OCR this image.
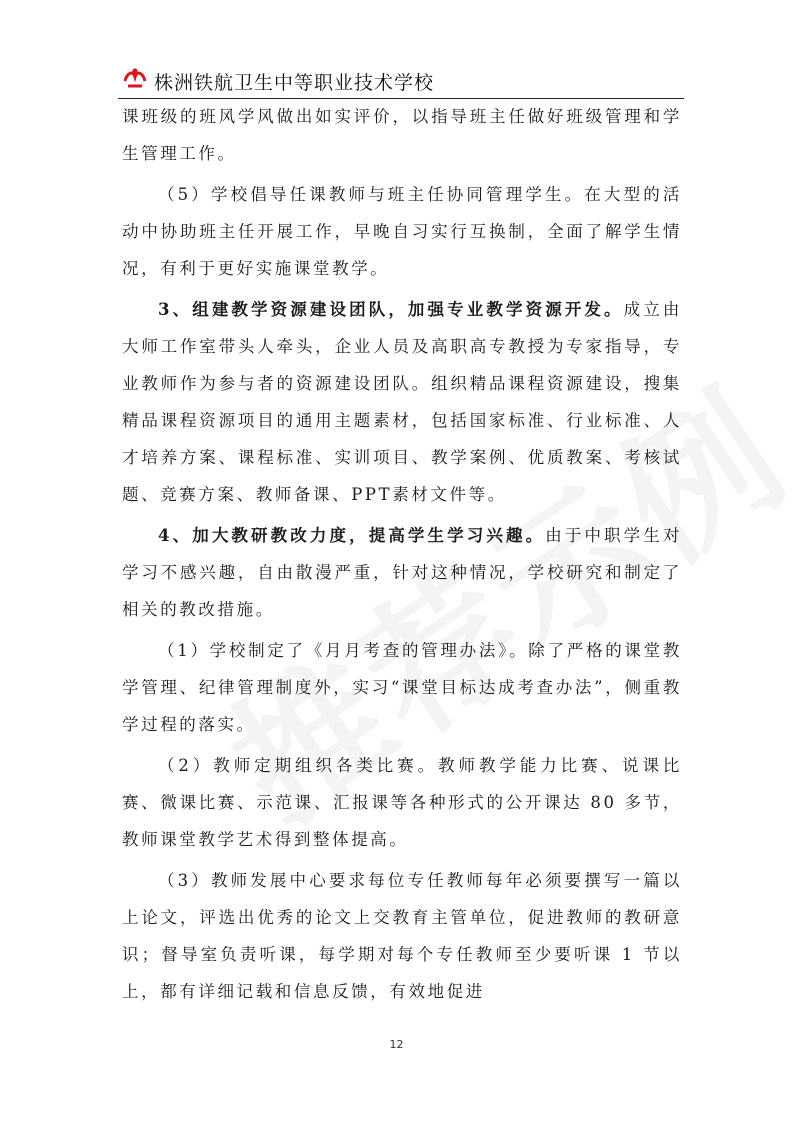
株洲铁航卫生中等职业技术学校

课班级的班风学风做出如实评价，以指导班主任做好班级管理和学生管理工作。

（5）学校倡导任课教师与班主任协同管理学生。在大型的活动中协助班主任开展工作，早晚自习实行互换制，全面了解学生情况，有利于更好实施课堂教学。

3、组建教学资源建设团队，加强专业教学资源开发。成立由大师工作室带头人牵头，企业人员及高职高专教授为专家指导，专业教师作为参与者的资源建设团队。组织精品课程资源建设，搜集精品课程资源项目的通用主题素材，包括国家标准、行业标准、人才培养方案、课程标准、实训项目、教学案例、优质教案、考核试题、竞赛方案、教师备课、PPT素材文件等。

4、加大教研教改力度，提高学生学习兴趣。由于中职学生对学习不感兴趣，自由散漫严重，针对这种情况，学校研究和制定了相关的教改措施。

（1）学校制定了《月月考查的管理办法》。除了严格的课堂教学管理、纪律管理制度外，实习“课堂目标达成考查办法”，侧重教学过程的落实。

（2）教师定期组织各类比赛。教师教学能力比赛、说课比赛、微课比赛、示范课、汇报课等各种形式的公开课达 80 多节，教师课堂教学艺术得到整体提高。

（3）教师发展中心要求每位专任教师每年必须要撰写一篇以上论文，评选出优秀的论文上交教育主管单位，促进教师的教研意识；督导室负责听课，每学期对每个专任教师至少要听课 1 节以上，都有详细记载和信息反馈，有效地促进

12
